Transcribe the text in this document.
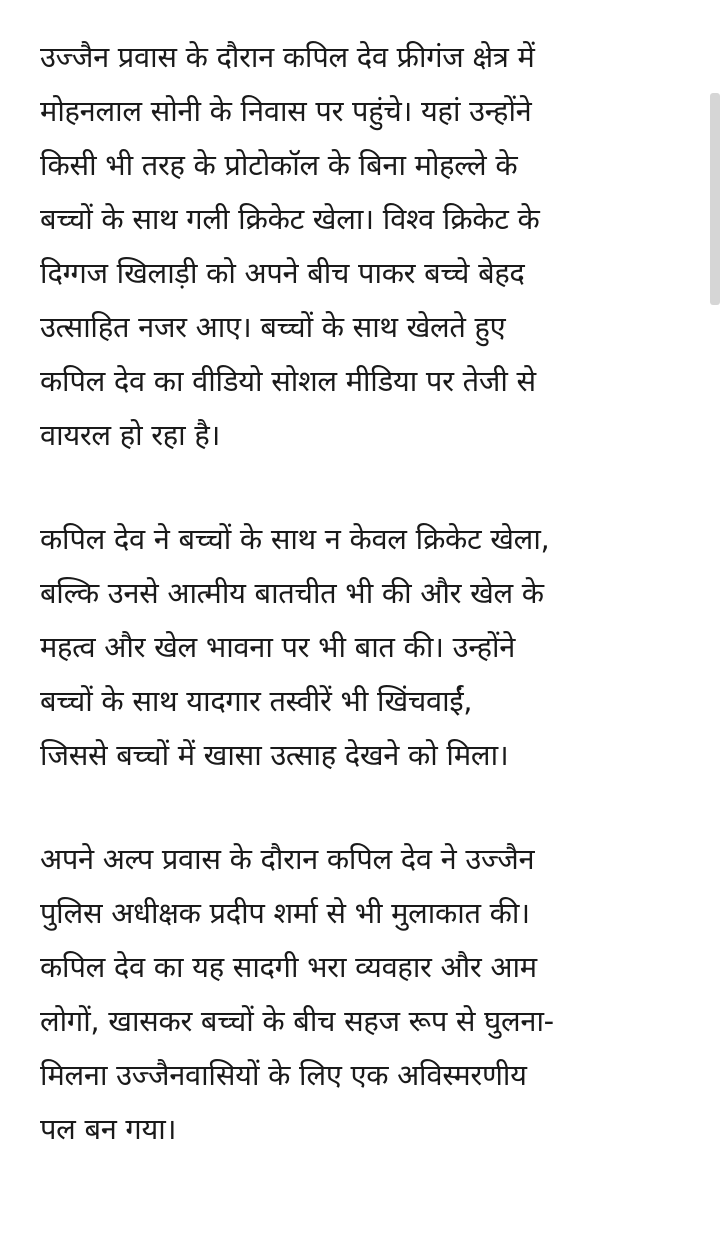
उज्जैन प्रवास के दौरान कपिल देव फ्रीगंज क्षेत्र में
मोहनलाल सोनी के निवास पर पहुंचे। यहां उन्होंने
किसी भी तरह के प्रोटोकॉल के बिना मोहल्ले के
बच्चों के साथ गली क्रिकेट खेला। विश्व क्रिकेट के
दिग्गज खिलाड़ी को अपने बीच पाकर बच्चे बेहद
उत्साहित नजर आए। बच्चों के साथ खेलते हुए
कपिल देव का वीडियो सोशल मीडिया पर तेजी से
वायरल हो रहा है।
कपिल देव ने बच्चों के साथ न केवल क्रिकेट खेला,
बल्कि उनसे आत्मीय बातचीत भी की और खेल के
महत्व और खेल भावना पर भी बात की। उन्होंने
बच्चों के साथ यादगार तस्वीरें भी खिंचवाईं,
जिससे बच्चों में खासा उत्साह देखने को मिला।
अपने अल्प प्रवास के दौरान कपिल देव ने उज्जैन
पुलिस अधीक्षक प्रदीप शर्मा से भी मुलाकात की।
कपिल देव का यह सादगी भरा व्यवहार और आम
लोगों, खासकर बच्चों के बीच सहज रूप से घुलना-
मिलना उज्जैनवासियों के लिए एक अविस्मरणीय
पल बन गया।
